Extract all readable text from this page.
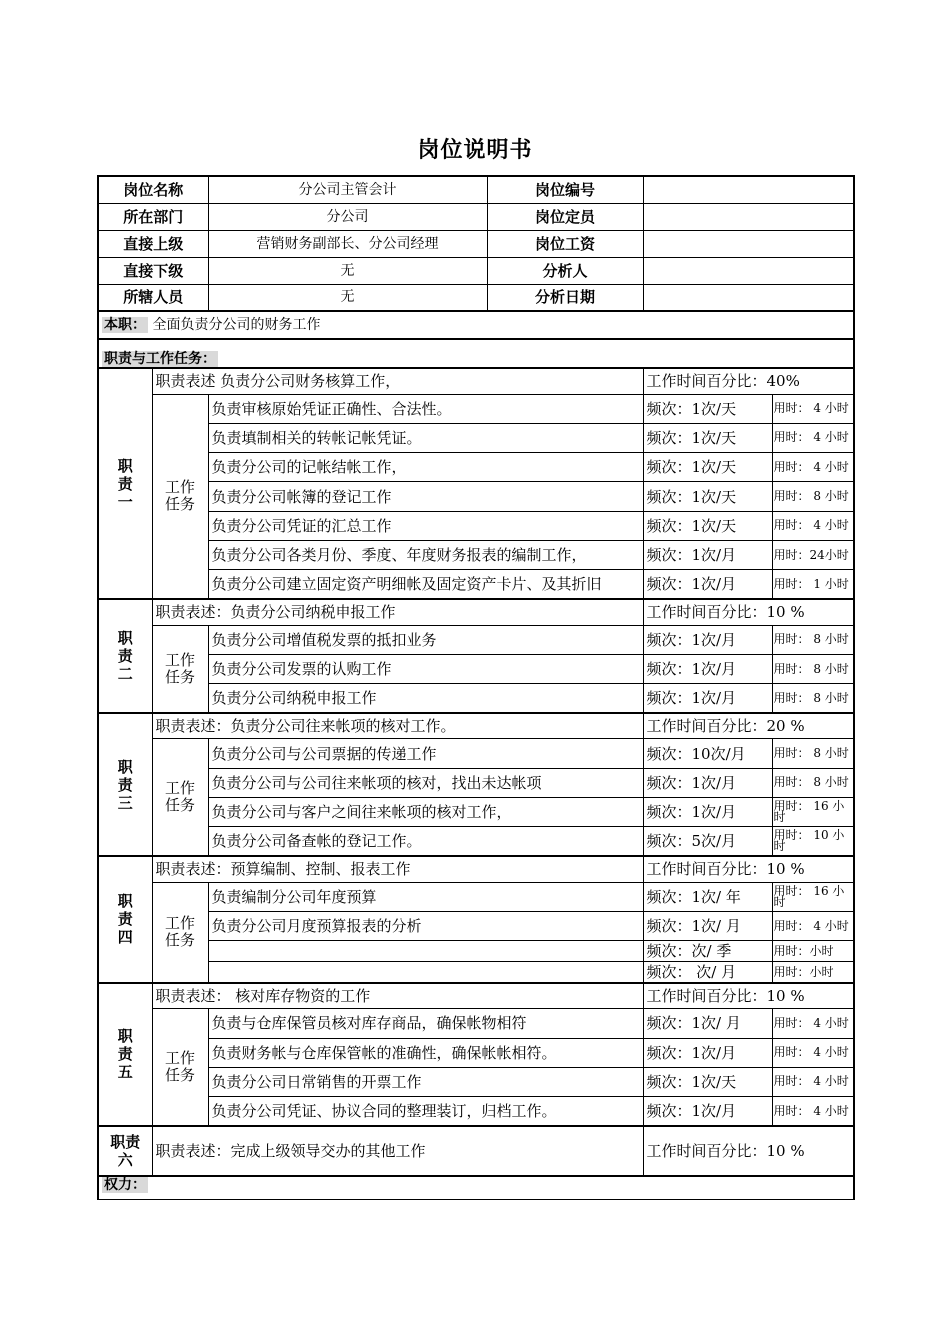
岗位说明书
岗位名称		分公司主管会计	岗位编号		
所在部门		分公司	岗位定员		
直接上级		营销财务副部长、分公司经理	岗位工资		
直接下级		无	分析人		
所辖人员		无	分析日期		
本职： 全面负责分公司的财务工作					
职责与工作任务：					
职责一	职责表述 负责分公司财务核算工作，			工作时间百分比：40%	
	工作任务	负责审核原始凭证正确性、合法性。		频次：1次/天	用时： 4 小时
		负责填制相关的转帐记帐凭证。		频次：1次/天	用时： 4 小时
		负责分公司的记帐结帐工作，		频次：1次/天	用时： 4 小时
		负责分公司帐簿的登记工作		频次：1次/天	用时： 8 小时
		负责分公司凭证的汇总工作		频次：1次/天	用时： 4 小时
		负责分公司各类月份、季度、年度财务报表的编制工作，		频次：1次/月	用时：24小时
		负责分公司建立固定资产明细帐及固定资产卡片、及其折旧		频次：1次/月	用时： 1 小时
职责二	职责表述：负责分公司纳税申报工作			工作时间百分比：10 %	
	工作任务	负责分公司增值税发票的抵扣业务		频次：1次/月	用时： 8 小时
		负责分公司发票的认购工作		频次：1次/月	用时： 8 小时
		负责分公司纳税申报工作		频次：1次/月	用时： 8 小时
职责三	职责表述：负责分公司往来帐项的核对工作。			工作时间百分比：20 %	
	工作任务	负责分公司与公司票据的传递工作		频次：10次/月	用时： 8 小时
		负责分公司与公司往来帐项的核对，找出未达帐项		频次：1次/月	用时： 8 小时
		负责分公司与客户之间往来帐项的核对工作，		频次：1次/月	用时： 16 小时
		负责分公司备查帐的登记工作。		频次：5次/月	用时： 10 小时
职责四	职责表述：预算编制、控制、报表工作			工作时间百分比：10 %	
	工作任务	负责编制分公司年度预算		频次：1次/ 年	用时： 16 小时
		负责分公司月度预算报表的分析		频次：1次/ 月	用时： 4 小时
				频次：次/ 季	用时：小时
				频次： 次/ 月	用时：小时
职责五	职责表述： 核对库存物资的工作			工作时间百分比：10 %	
	工作任务	负责与仓库保管员核对库存商品，确保帐物相符		频次：1次/ 月	用时： 4 小时
		负责财务帐与仓库保管帐的准确性，确保帐帐相符。		频次：1次/月	用时： 4 小时
		负责分公司日常销售的开票工作		频次：1次/天	用时： 4 小时
		负责分公司凭证、协议合同的整理装订，归档工作。		频次：1次/月	用时： 4 小时
职责六	职责表述：完成上级领导交办的其他工作			工作时间百分比：10 %	
权力：					
